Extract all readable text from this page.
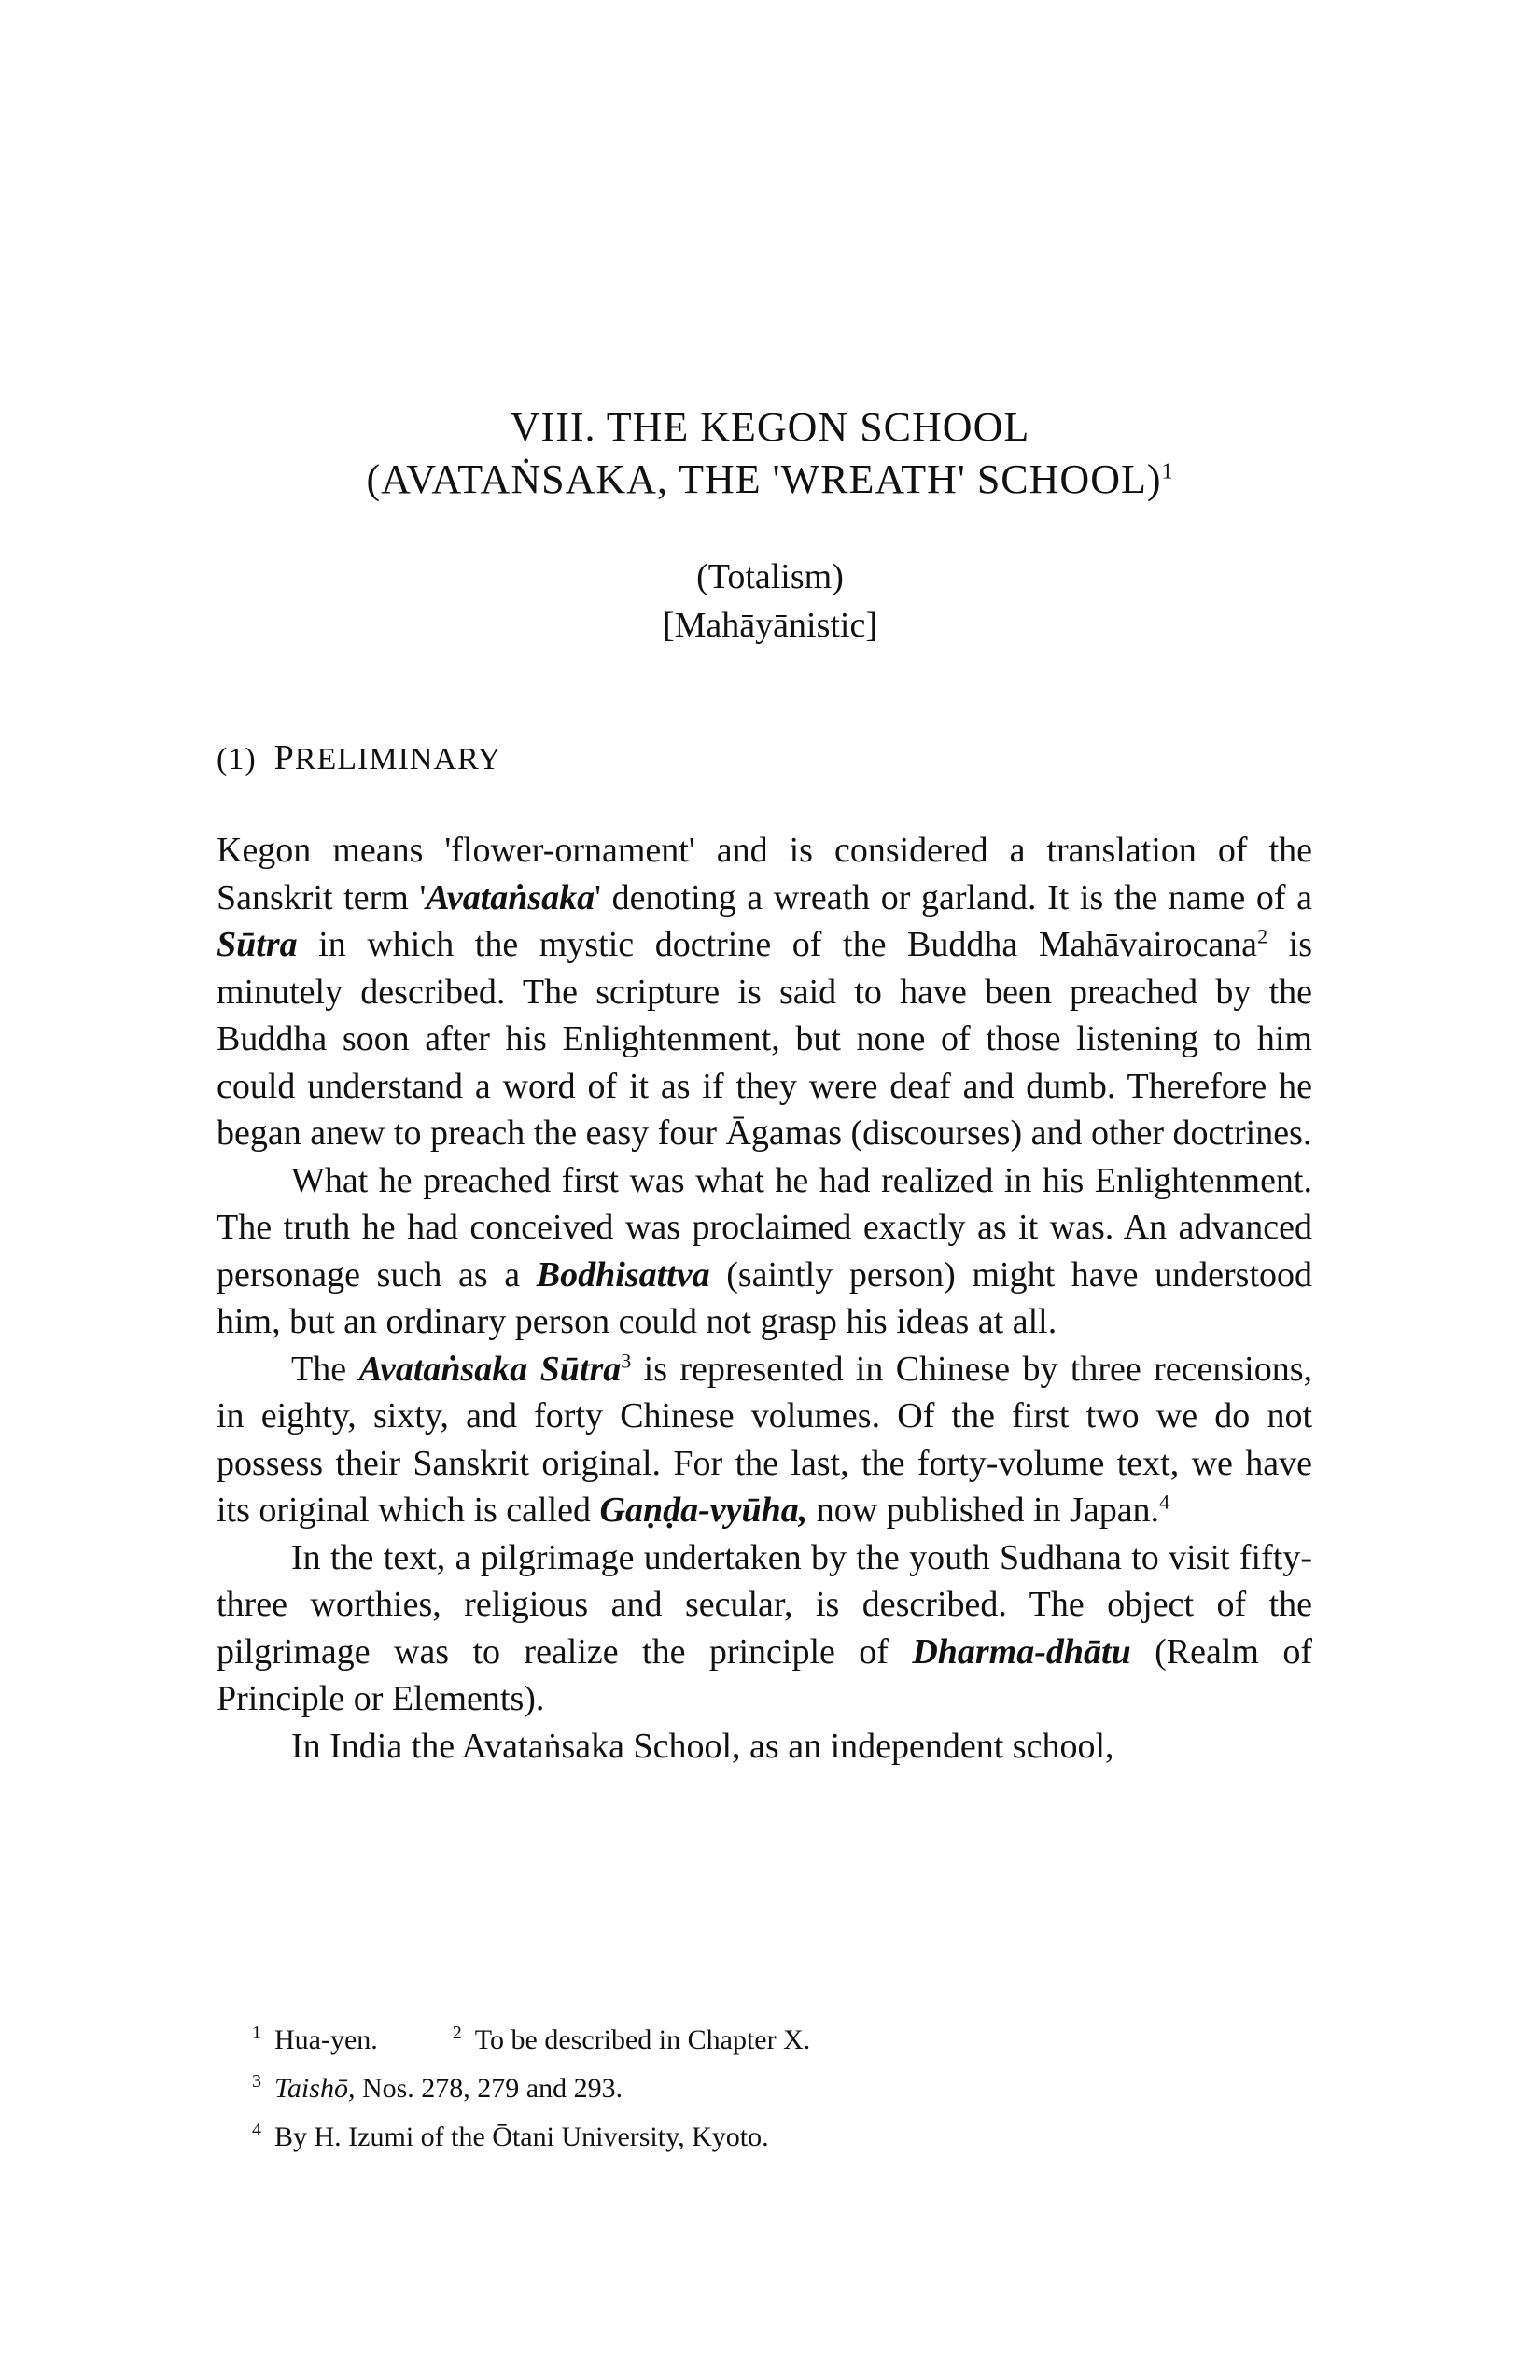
VIII. THE KEGON SCHOOL
(AVATAṄSAKA, THE 'WREATH' SCHOOL)$^1$
(Totalism)
[Mahāyānistic]
(1) PRELIMINARY

Kegon means 'flower-ornament' and is considered a translation of the Sanskrit term 'Avataṅsaka' denoting a wreath or garland. It is the name of a Sūtra in which the mystic doctrine of the Buddha Mahāvairocana$^2$ is minutely described. The scripture is said to have been preached by the Buddha soon after his Enlightenment, but none of those listening to him could understand a word of it as if they were deaf and dumb. Therefore he began anew to preach the easy four Āgamas (discourses) and other doctrines.

What he preached first was what he had realized in his Enlightenment. The truth he had conceived was proclaimed exactly as it was. An advanced personage such as a Bodhisattva (saintly person) might have understood him, but an ordinary person could not grasp his ideas at all.

The Avataṅsaka Sūtra$^3$ is represented in Chinese by three recensions, in eighty, sixty, and forty Chinese volumes. Of the first two we do not possess their Sanskrit original. For the last, the forty-volume text, we have its original which is called Gaṇḍa-vyūha, now published in Japan.$^4$

In the text, a pilgrimage undertaken by the youth Sudhana to visit fifty-three worthies, religious and secular, is described. The object of the pilgrimage was to realize the principle of Dharma-dhātu (Realm of Principle or Elements).

In India the Avataṅsaka School, as an independent school,

$^1$ Hua-yen.	$^2$ To be described in Chapter X.
$^3$ Taishō, Nos. 278, 279 and 293.
$^4$ By H. Izumi of the Ōtani University, Kyoto.
